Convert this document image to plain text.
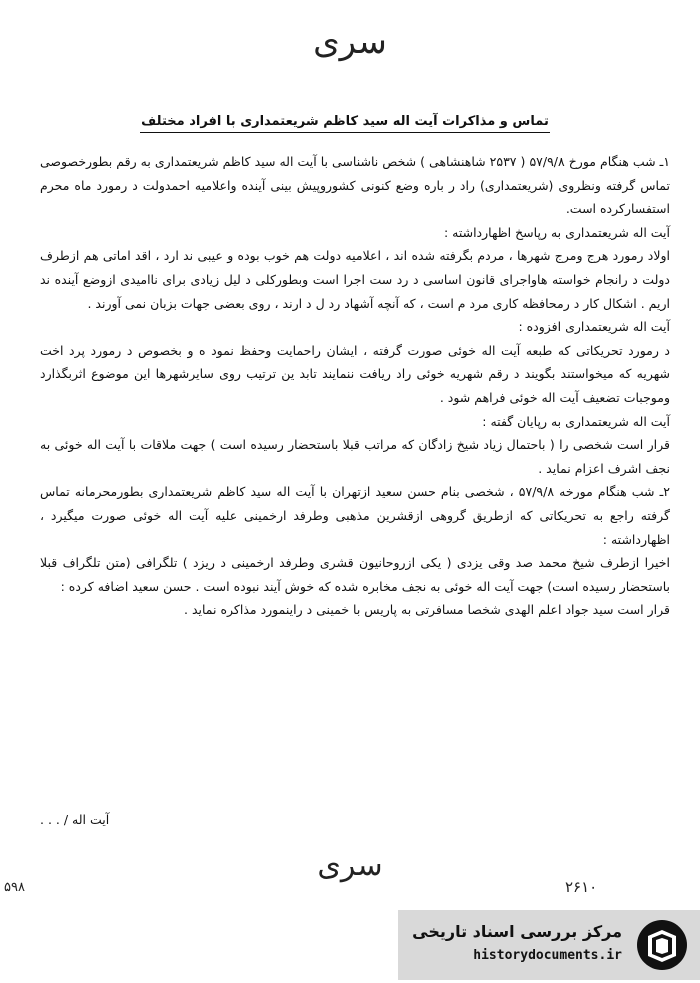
سری
تماس و مذاکرات آیت اله سید کاظم شریعتمداری با افراد مختلف

۱ـ شب هنگام مورخ ۵۷/۹/۸ ( ۲۵۳۷ شاهنشاهی ) شخص ناشناسی با آیت اله سید کاظم شریعتمداری به رقم بطورخصوصی تماس گرفته ونظروی (شریعتمداری) راد ر باره وضع کنونی کشوروپیش بینی آینده واعلامیه احمدولت د رمورد ماه محرم استفسارکرده است.

آیت اله شریعتمداری به رپاسخ اظهارداشته :

اولاد رمورد هرج ومرج شهرها ، مردم بگرفته شده اند ، اعلامیه دولت هم خوب بوده و عیبی ند ارد ، اقد اماتی هم ازطرف دولت د رانجام خواسته هاواجرای قانون اساسی د رد ست اجرا است وبطورکلی د لیل زیادی برای ناامیدی ازوضع آینده ند اریم . اشکال کار د رمحافظه کاری مرد م است ، که آنچه آشهاد رد ل د ارند ، روی بعضی جهات بزبان نمی آورند .

آیت اله شریعتمداری افزوده :

د رمورد تحریکاتی که طبعه آیت اله خوئی صورت گرفته ، ایشان راحمایت وحفظ نمود ه و بخصوص د رمورد پرد اخت شهریه که میخواستند بگویند د رقم شهریه خوئی راد ریافت ننمایند تابد ین ترتیب روی سایرشهرها این موضوع اثربگذارد وموجبات تضعیف آیت اله خوئی فراهم شود .

آیت اله شریعتمداری به رپایان گفته :

قرار است شخصی را ( باحتمال زیاد شیخ زادگان که مراتب قبلا باستحضار رسیده است ) جهت ملاقات با آیت اله خوئی به نجف اشرف اعزام نماید .

۲ـ شب هنگام مورخه ۵۷/۹/۸ ، شخصی بنام حسن سعید ازتهران با آیت اله سید کاظم شریعتمداری بطورمحرمانه تماس گرفته راجع به تحریکاتی که ازطریق گروهی ازقشرین مذهبی وطرفد ارخمینی علیه آیت اله خوئی صورت میگیرد ، اظهارداشته :

اخیرا ازطرف شیخ محمد صد وقی یزدی ( یکی ازروحانیون قشری وطرفد ارخمینی د ریزد ) تلگرافی (متن تلگراف قبلا باستحضار رسیده است) جهت آیت اله خوئی به نجف مخابره شده که خوش آیند نبوده است . حسن سعید اضافه کرده :

قرار است سید جواد اعلم الهدی شخصا مسافرتی به پاریس با خمینی د راینمورد مذاکره نماید .

آیت اله / . . .
سری
۵۹۸	۲۶۱۰
مرکز بررسی اسناد تاریخی
historydocuments.ir
